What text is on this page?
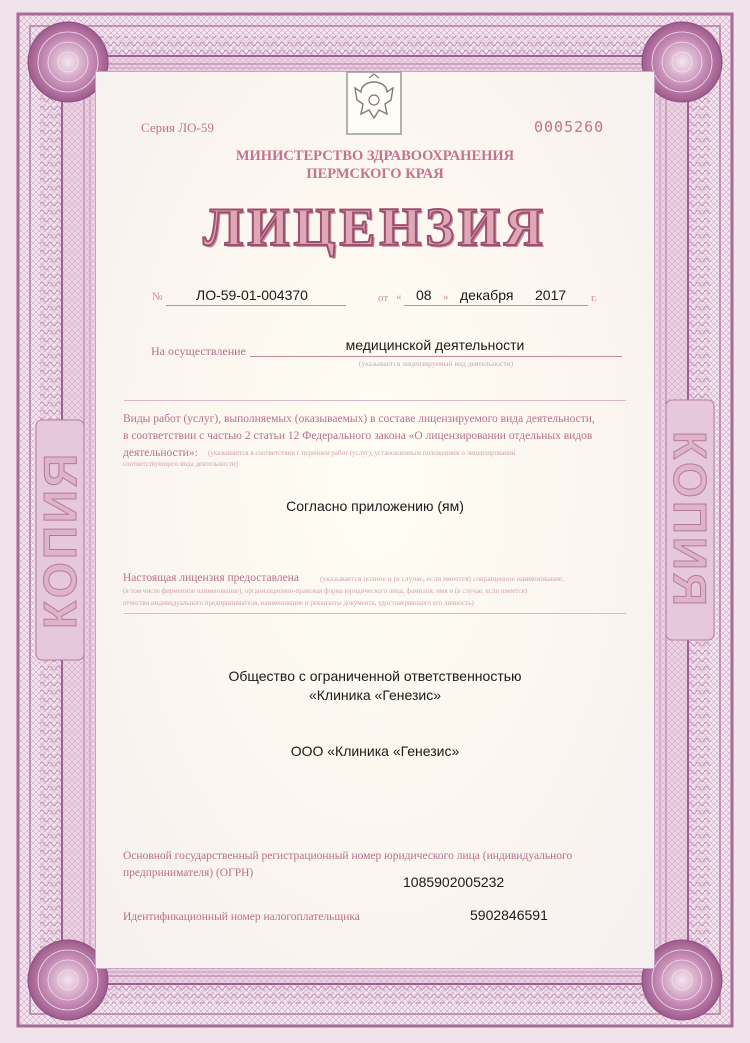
Серия ЛО-59	0005260
МИНИСТЕРСТВО ЗДРАВООХРАНЕНИЯ
ПЕРМСКОГО КРАЯ
ЛИЦЕНЗИЯ
№ ЛО-59-01-004370	от « 08 » декабря 2017 г.
На осуществление	медицинской деятельности
(указывается лицензируемый вид деятельности)
Виды работ (услуг), выполняемых (оказываемых) в составе лицензируемого вида деятельности,
в соответствии с частью 2 статьи 12 Федерального закона «О лицензировании отдельных видов
деятельности»: (указываются в соответствии с перечнем работ (услуг), установленным положением о лицензировании
соответствующего вида деятельности)
Согласно приложению (ям)
Настоящая лицензия предоставлена	(указывается полное и (в случае, если имеется) сокращенное наименование,
(в том числе фирменное наименование), организационно-правовая форма юридического лица, фамилия, имя и (в случае, если имеется)
отчество индивидуального предпринимателя, наименование и реквизиты документа, удостоверяющего его личность)
Общество с ограниченной ответственностью
«Клиника «Генезис»
ООО «Клиника «Генезис»
Основной государственный регистрационный номер юридического лица (индивидуального
предпринимателя) (ОГРН)
1085902005232
Идентификационный номер налогоплательщика	5902846591
КОПИЯ	КОПИЯ
